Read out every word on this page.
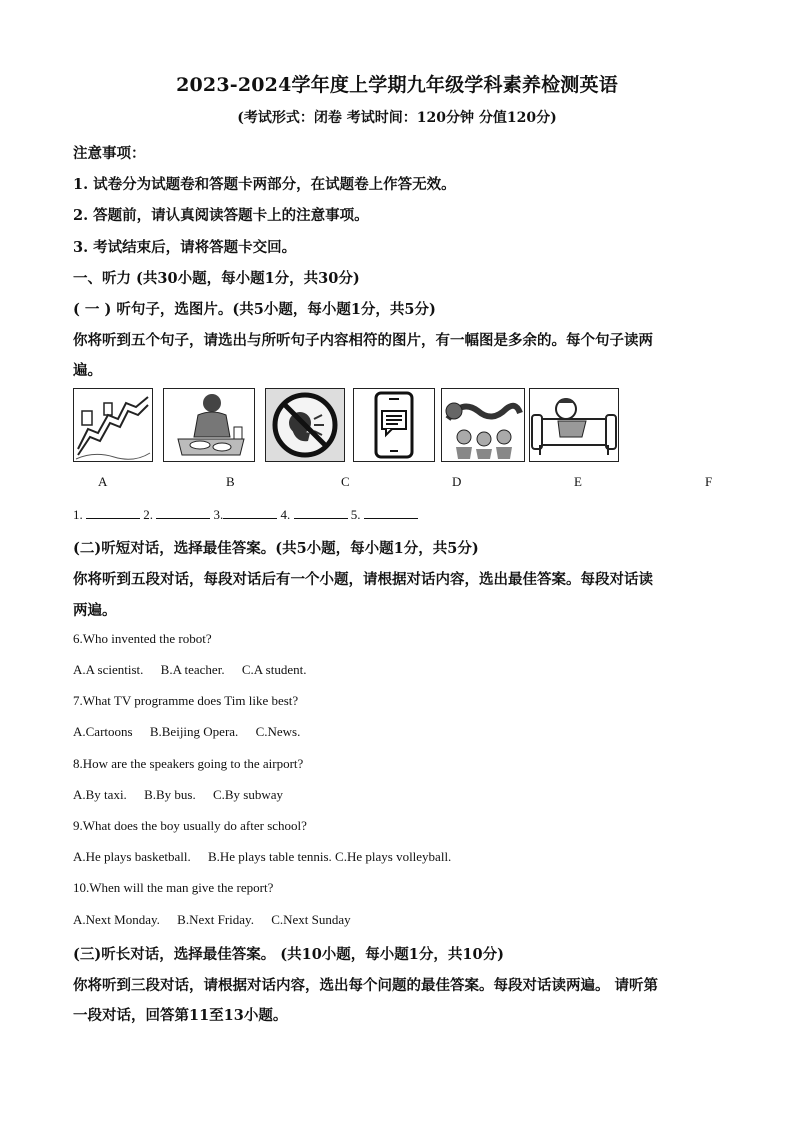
2023-2024学年度上学期九年级学科素养检测英语
(考试形式：闭卷 考试时间：120分钟 分值120分)
注意事项：
1. 试卷分为试题卷和答题卡两部分，在试题卷上作答无效。
2. 答题前，请认真阅读答题卡上的注意事项。
3. 考试结束后，请将答题卡交回。
一、听力 (共30小题，每小题1分，共30分)
( 一 ) 听句子，选图片。(共5小题，每小题1分，共5分)
你将听到五个句子，请选出与所听句子内容相符的图片，有一幅图是多余的。每个句子读两
遍。
A	B	C	D	E	F
1.	2.	3.	4.	5.
(二)听短对话，选择最佳答案。(共5小题，每小题1分，共5分)
你将听到五段对话，每段对话后有一个小题，请根据对话内容，选出最佳答案。每段对话读
两遍。
6.Who invented the robot?
A.A scientist. B.A teacher. C.A student.
7.What TV programme does Tim like best?
A.Cartoons B.Beijing Opera. C.News.
8.How are the speakers going to the airport?
A.By taxi. B.By bus. C.By subway
9.What does the boy usually do after school?
A.He plays basketball. B.He plays table tennis. C.He plays volleyball.
10.When will the man give the report?
A.Next Monday. B.Next Friday. C.Next Sunday
(三)听长对话，选择最佳答案。 (共10小题，每小题1分，共10分)
你将听到三段对话，请根据对话内容，选出每个问题的最佳答案。每段对话读两遍。 请听第
一段对话，回答第11至13小题。
